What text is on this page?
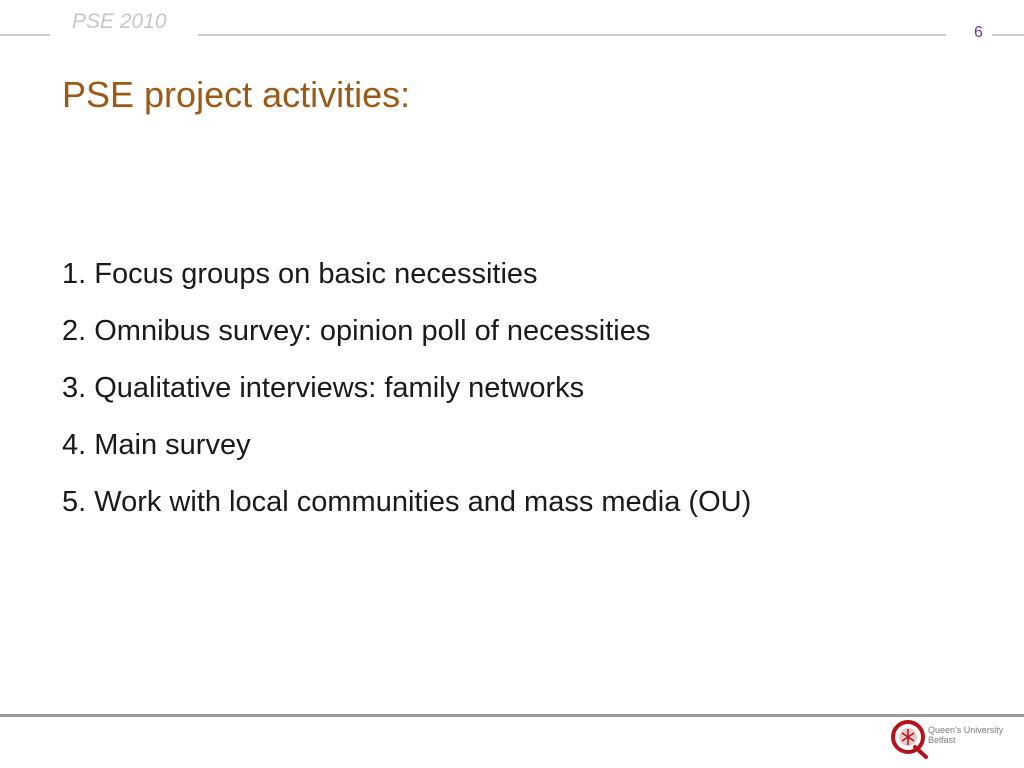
PSE 2010	6
PSE project activities:
1. Focus groups on basic necessities
2. Omnibus survey: opinion poll of necessities
3. Qualitative interviews: family networks
4. Main survey
5. Work with local communities and mass media (OU)
Queen's University
Belfast
